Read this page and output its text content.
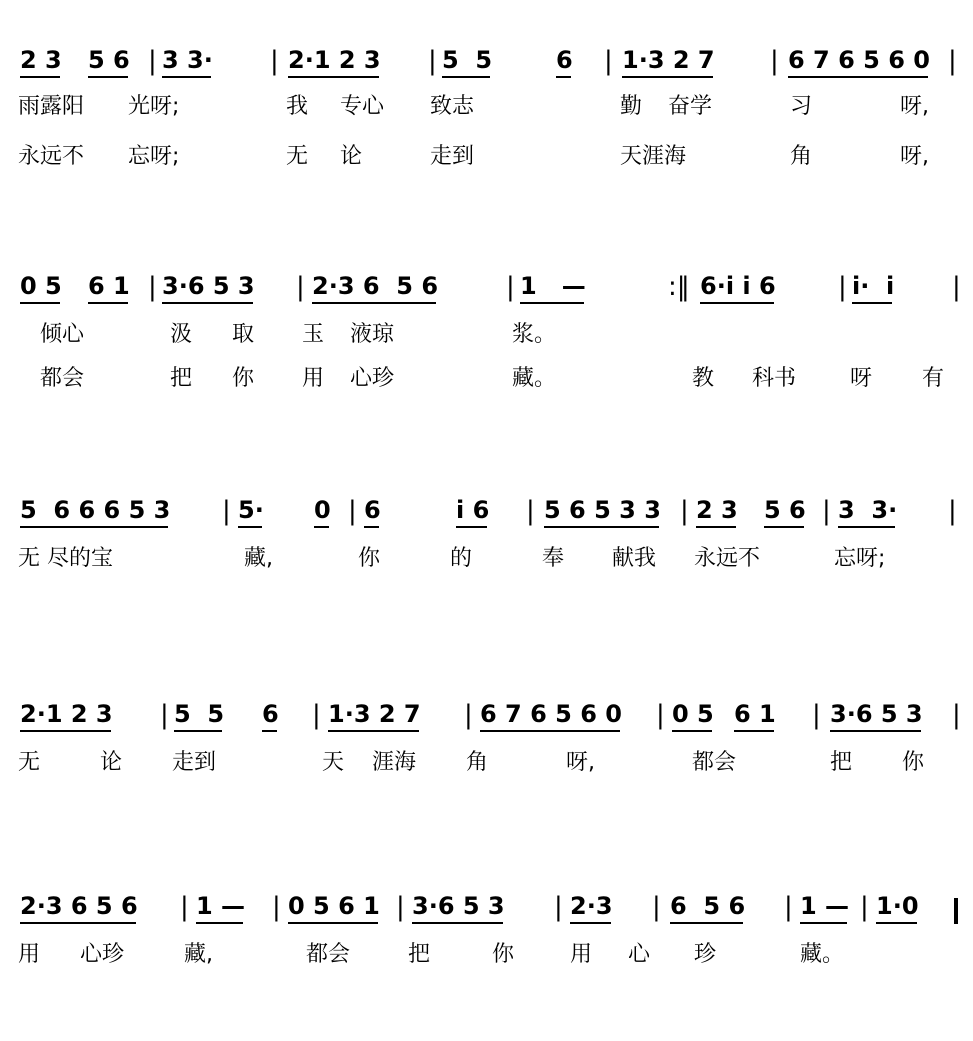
2 3 5 6 | 3 3· | 2·1 2 3 | 5  5	6 | 1·3 2 7 | 6 7 6 5 6 0 |
雨露阳 光呀;	我 专心 致志	勤 奋学	习	呀,
永远不 忘呀;	无 论	走到	天涯海	角	呀,
0 5 6 1 | 3·6 5 3 | 2·3 6  5 6	| 1   —	:‖ 6·i i 6 | i·  i |
倾心	汲 取 玉 液琼	浆。
都会	把 你 用 心珍	藏。	教 科书 呀 有
5  6 6 6 5 3 | 5· 0 | 6	i 6 | 5 6 5 3 3 | 2 3 5 6 | 3  3· |
无 尽的宝	藏,	你	的	奉 献我 永远不	忘呀;
2·1 2 3 | 5  5 6 | 1·3 2 7 | 6 7 6 5 6 0 | 0 5 6 1 | 3·6 5 3 |
无	论 走到	天 涯海 角	呀,	都会	把 你
2·3 6 5 6 | 1 — | 0 5 6 1 | 3·6 5 3 | 2·3 | 6  5 6 | 1 — | 1·0
用 心珍	藏,	都会	把	你	用 心 珍	藏。
